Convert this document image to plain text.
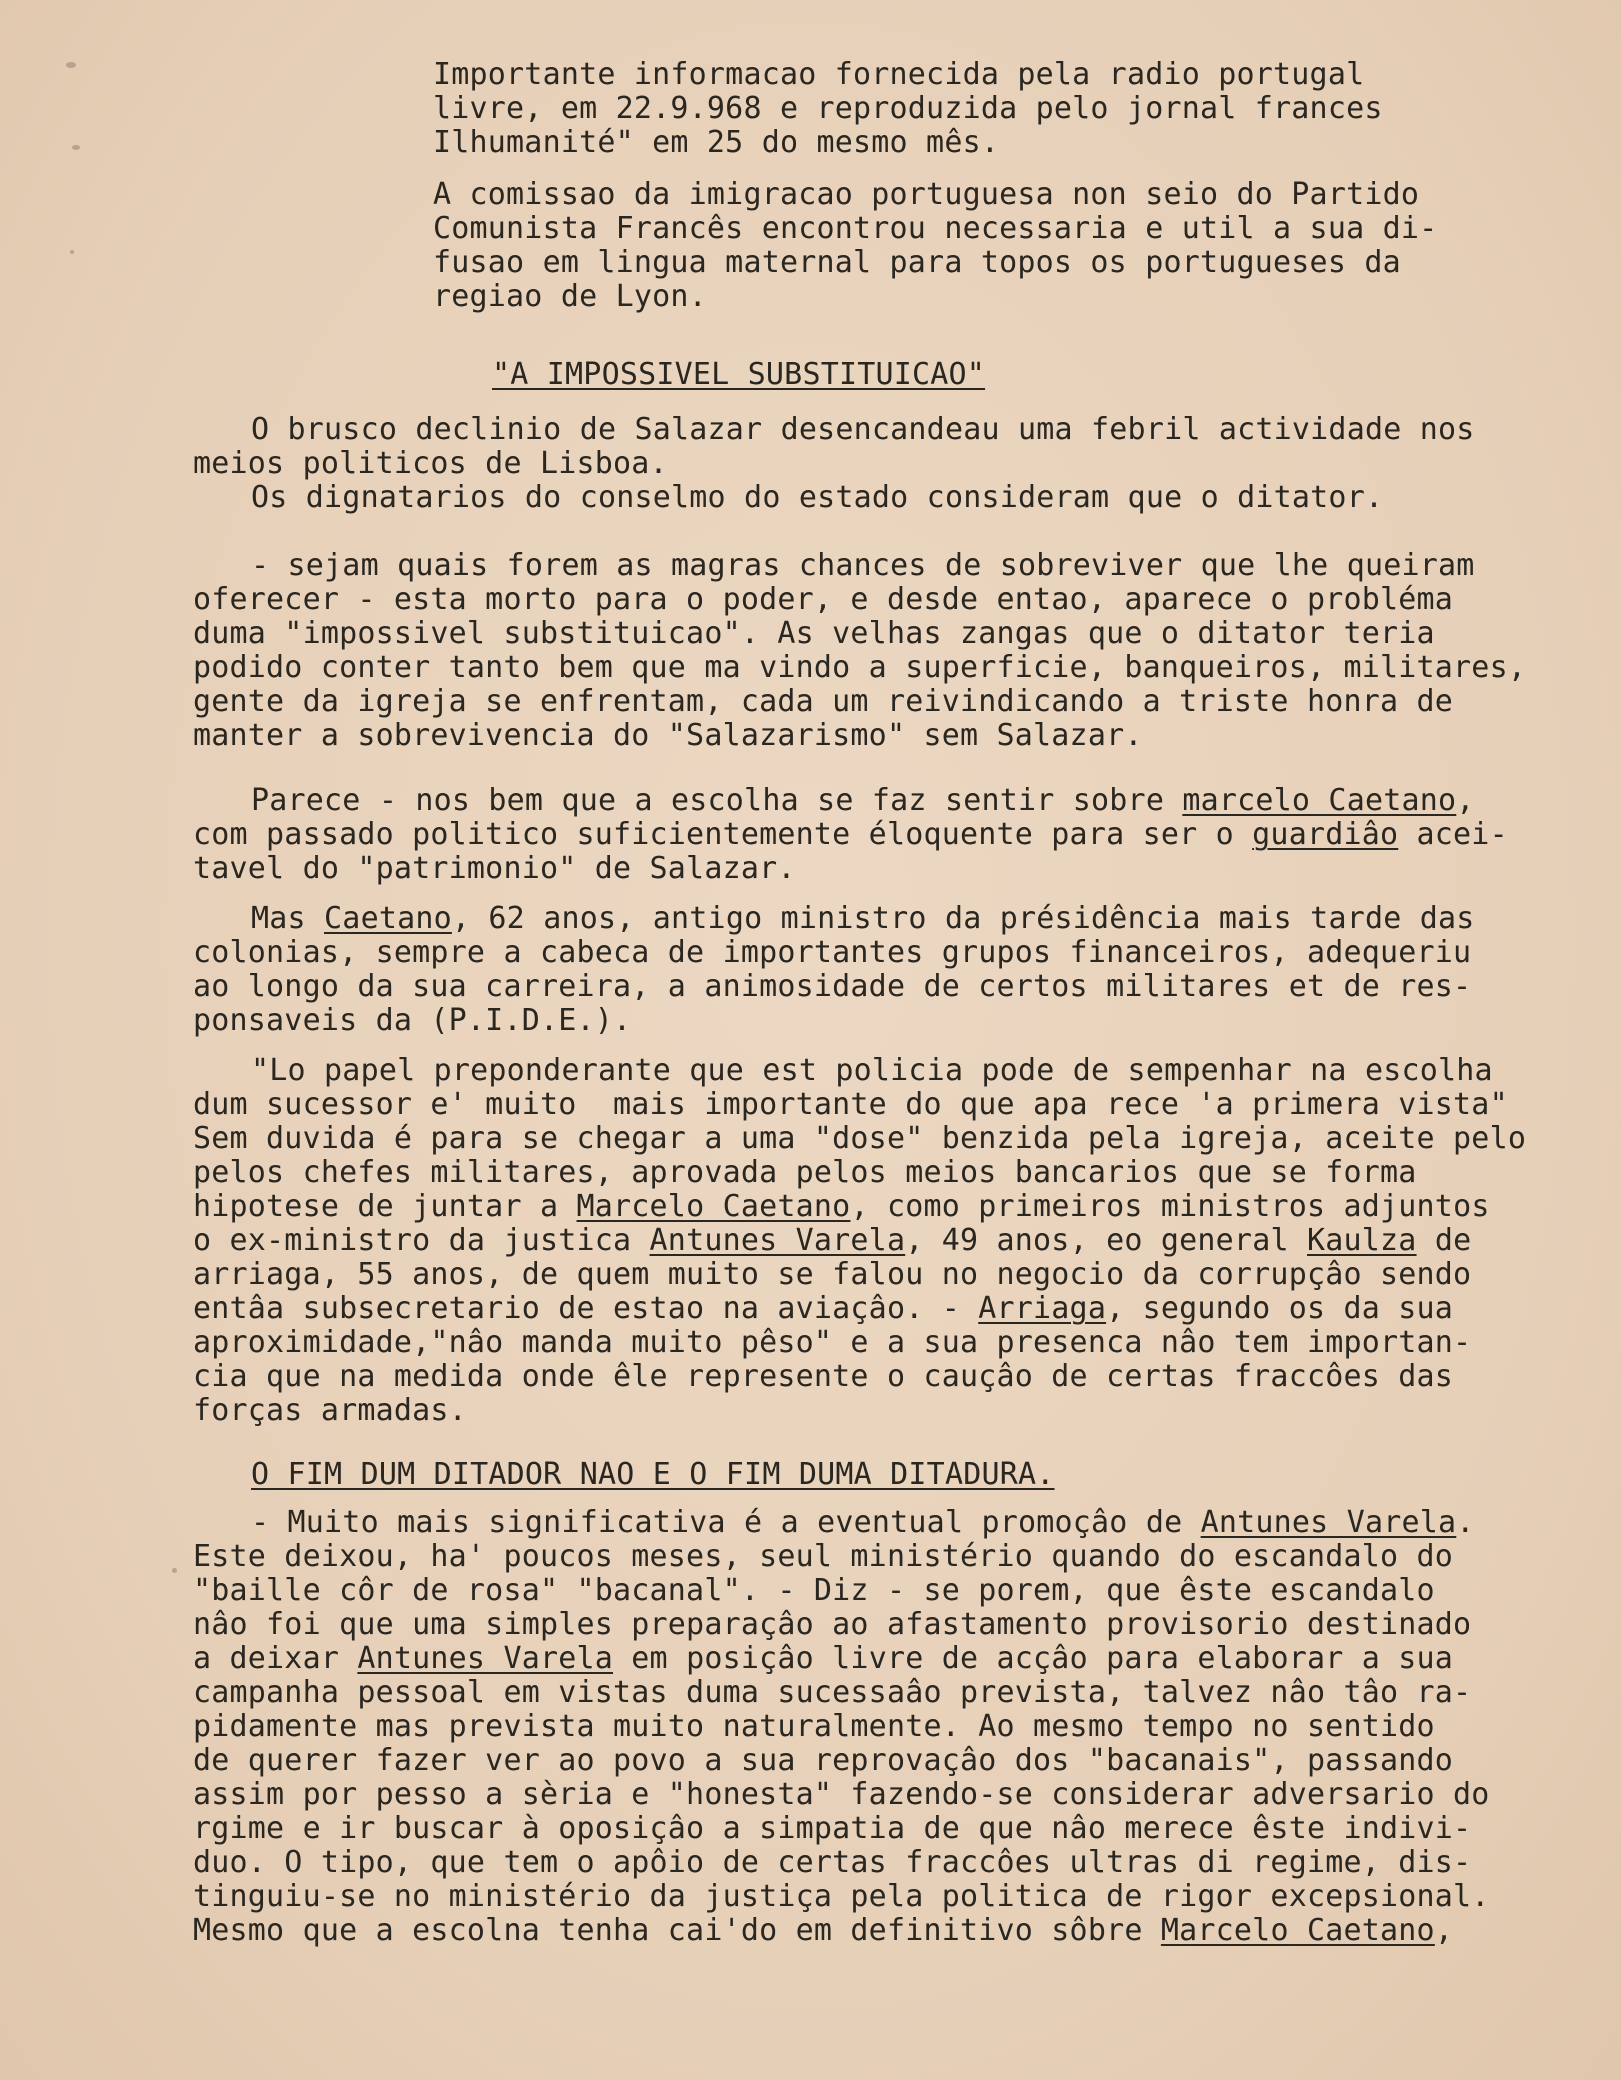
Importante informacao fornecida pela radio portugal
livre, em 22.9.968 e reproduzida pelo jornal frances
Ilhumanité" em 25 do mesmo mês.
A comissao da imigracao portuguesa non seio do Partido
Comunista Francês encontrou necessaria e util a sua di-
fusao em lingua maternal para topos os portugueses da
regiao de Lyon.
"A IMPOSSIVEL SUBSTITUICAO"
O brusco declinio de Salazar desencandeau uma febril actividade nos
meios politicos de Lisboa.
Os dignatarios do conselmo do estado consideram que o ditator.
- sejam quais forem as magras chances de sobreviver que lhe queiram
oferecer - esta morto para o poder, e desde entao, aparece o probléma
duma "impossivel substituicao". As velhas zangas que o ditator teria
podido conter tanto bem que ma vindo a superficie, banqueiros, militares,
gente da igreja se enfrentam, cada um reivindicando a triste honra de
manter a sobrevivencia do "Salazarismo" sem Salazar.
Parece - nos bem que a escolha se faz sentir sobre marcelo Caetano,
com passado politico suficientemente éloquente para ser o guardiâo acei-
tavel do "patrimonio" de Salazar.
Mas Caetano, 62 anos, antigo ministro da présidência mais tarde das
colonias, sempre a cabeca de importantes grupos financeiros, adequeriu
ao longo da sua carreira, a animosidade de certos militares et de res-
ponsaveis da (P.I.D.E.).
"Lo papel preponderante que est policia pode de sempenhar na escolha
dum sucessor e' muito  mais importante do que apa rece 'a primera vista"
Sem duvida é para se chegar a uma "dose" benzida pela igreja, aceite pelo
pelos chefes militares, aprovada pelos meios bancarios que se forma
hipotese de juntar a Marcelo Caetano, como primeiros ministros adjuntos
o ex-ministro da justica Antunes Varela, 49 anos, eo general Kaulza de
arriaga, 55 anos, de quem muito se falou no negocio da corrupçâo sendo
entâa subsecretario de estao na aviaçâo. - Arriaga, segundo os da sua
aproximidade,"nâo manda muito pêso" e a sua presenca nâo tem importan-
cia que na medida onde êle represente o cauçâo de certas fraccôes das
forças armadas.
O FIM DUM DITADOR NAO E O FIM DUMA DITADURA.
- Muito mais significativa é a eventual promoçâo de Antunes Varela.
Este deixou, ha' poucos meses, seul ministério quando do escandalo do
"baille côr de rosa" "bacanal". - Diz - se porem, que êste escandalo
nâo foi que uma simples preparaçâo ao afastamento provisorio destinado
a deixar Antunes Varela em posiçâo livre de acçâo para elaborar a sua
campanha pessoal em vistas duma sucessaâo prevista, talvez nâo tâo ra-
pidamente mas prevista muito naturalmente. Ao mesmo tempo no sentido
de querer fazer ver ao povo a sua reprovaçâo dos "bacanais", passando
assim por pesso a sèria e "honesta" fazendo-se considerar adversario do
rgime e ir buscar à oposiçâo a simpatia de que nâo merece êste indivi-
duo. O tipo, que tem o apôio de certas fraccôes ultras di regime, dis-
tinguiu-se no ministério da justiça pela politica de rigor excepsional.
Mesmo que a escolna tenha cai'do em definitivo sôbre Marcelo Caetano,
